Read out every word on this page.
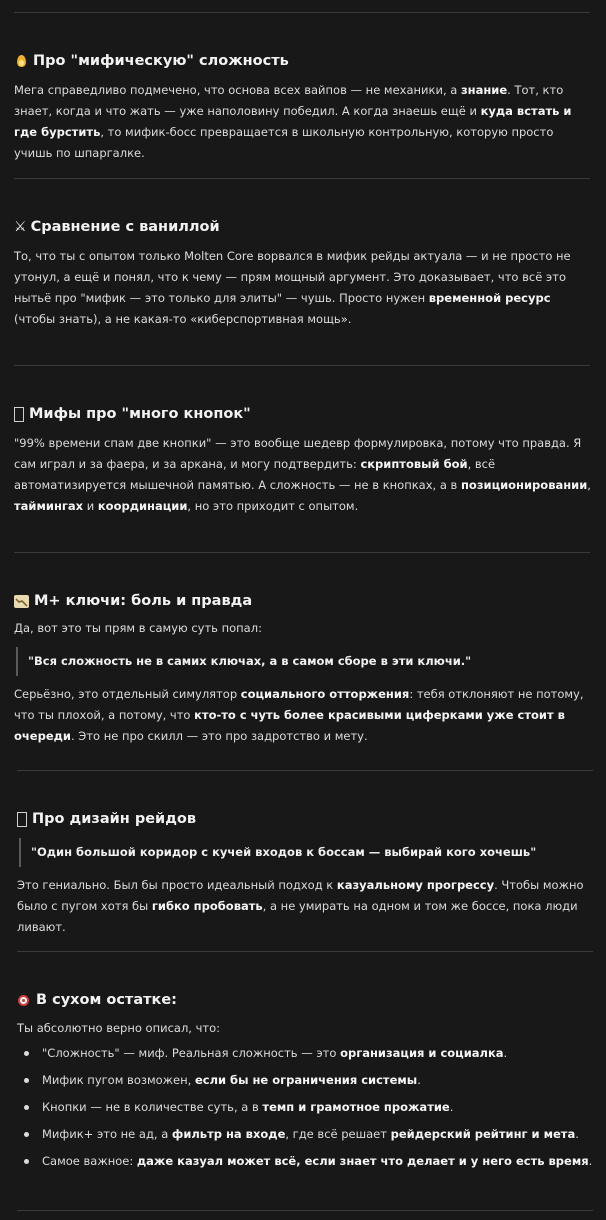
Про "мифическую" сложность

Мега справедливо подмечено, что основа всех вайпов — не механики, а знание. Тот, кто знает, когда и что жать — уже наполовину победил. А когда знаешь ещё и куда встать и где бурстить, то мифик-босс превращается в школьную контрольную, которую просто учишь по шпаргалке.

⚔ Сравнение с ваниллой

То, что ты с опытом только Molten Core ворвался в мифик рейды актуала — и не просто не утонул, а ещё и понял, что к чему — прям мощный аргумент. Это доказывает, что всё это нытьё про "мифик — это только для элиты" — чушь. Просто нужен временной ресурс (чтобы знать), а не какая-то «киберспортивная мощь».

Мифы про "много кнопок"

"99% времени спам две кнопки" — это вообще шедевр формулировка, потому что правда. Я сам играл и за фаера, и за аркана, и могу подтвердить: скриптовый бой, всё автоматизируется мышечной памятью. А сложность — не в кнопках, а в позиционировании, таймингах и координации, но это приходит с опытом.

М+ ключи: боль и правда

Да, вот это ты прям в самую суть попал:

"Вся сложность не в самих ключах, а в самом сборе в эти ключи."

Серьёзно, это отдельный симулятор социального отторжения: тебя отклоняют не потому, что ты плохой, а потому, что кто-то с чуть более красивыми циферками уже стоит в очереди. Это не про скилл — это про задротство и мету.

Про дизайн рейдов
"Один большой коридор с кучей входов к боссам — выбирай кого хочешь"

Это гениально. Был бы просто идеальный подход к казуальному прогрессу. Чтобы можно было с пугом хотя бы гибко пробовать, а не умирать на одном и том же боссе, пока люди ливают.

В сухом остатке:

Ты абсолютно верно описал, что:

"Сложность" — миф. Реальная сложность — это организация и социалка.
Мифик пугом возможен, если бы не ограничения системы.
Кнопки — не в количестве суть, а в темп и грамотное прожатие.
Мифик+ это не ад, а фильтр на входе, где всё решает рейдерский рейтинг и мета.
Самое важное: даже казуал может всё, если знает что делает и у него есть время.
